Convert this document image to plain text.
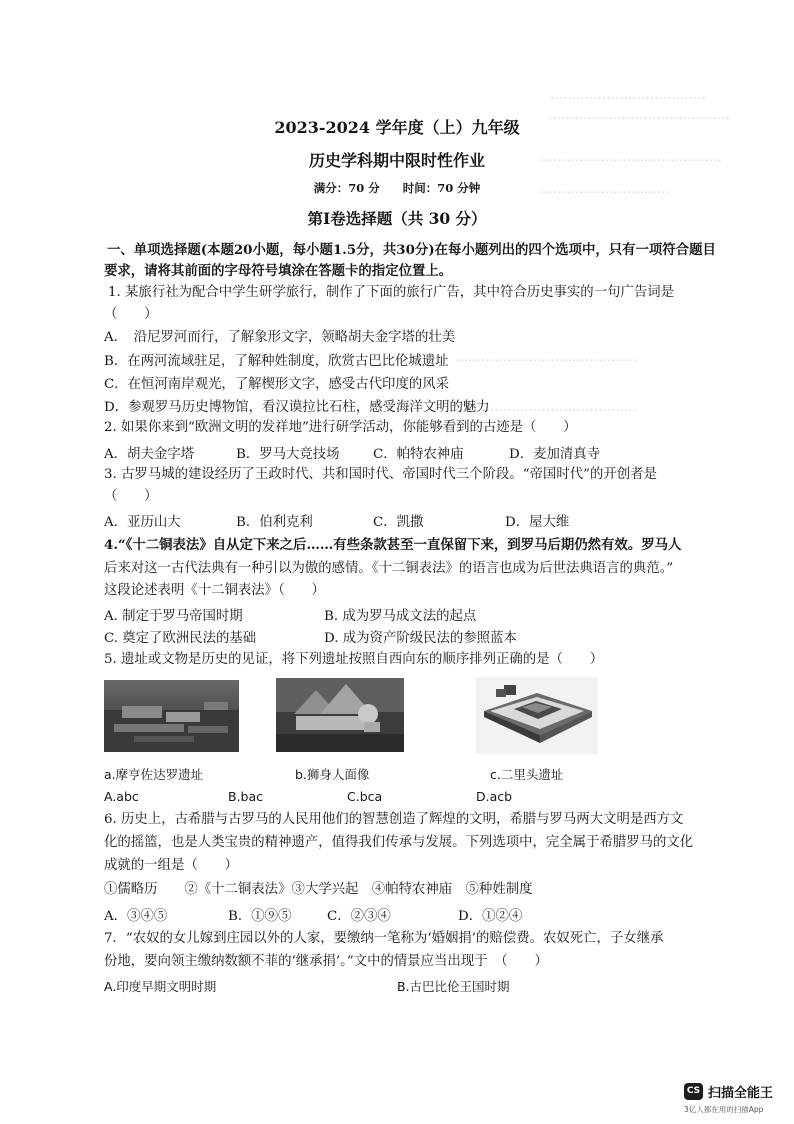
………………………………
……………………………………
……………………………………
…………………………
……………………………………
……………………………………
2023-2024 学年度（上）九年级
历史学科期中限时性作业
满分：70 分　　时间：70 分钟
第Ⅰ卷选择题（共 30 分）
一、单项选择题(本题20小题，每小题1.5分，共30分)在每小题列出的四个选项中，只有一项符合题目
要求，请将其前面的字母符号填涂在答题卡的指定位置上。
1. 某旅行社为配合中学生研学旅行，制作了下面的旅行广告，其中符合历史事实的一句广告词是
（　　）
A．　沿尼罗河而行，了解象形文字，领略胡夫金字塔的壮美
B．在两河流域驻足，了解种姓制度，欣赏古巴比伦城遗址
C．在恒河南岸观光，了解楔形文字，感受古代印度的风采
D．参观罗马历史博物馆，看汉谟拉比石柱，感受海洋文明的魅力
2. 如果你来到“欧洲文明的发祥地”进行研学活动，你能够看到的古迹是（　　）
A．胡夫金字塔	B．罗马大竞技场 C．帕特农神庙	D．麦加清真寺
3. 古罗马城的建设经历了王政时代、共和国时代、帝国时代三个阶段。“帝国时代”的开创者是
（　　）
A．亚历山大	B．伯利克利	C．凯撒	D．屋大维
4.“《十二铜表法》自从定下来之后……有些条款甚至一直保留下来，到罗马后期仍然有效。罗马人
后来对这一古代法典有一种引以为傲的感情。《十二铜表法》的语言也成为后世法典语言的典范。”
这段论述表明《十二铜表法》（　　）
A. 制定于罗马帝国时期	B. 成为罗马成文法的起点
C. 奠定了欧洲民法的基础	D. 成为资产阶级民法的参照蓝本
5. 遗址或文物是历史的见证，将下列遗址按照自西向东的顺序排列正确的是（　　）
a.摩亨佐达罗遗址	b.狮身人面像	c.二里头遗址
A.abc	B.bac	C.bca	D.acb
6. 历史上，古希腊与古罗马的人民用他们的智慧创造了辉煌的文明，希腊与罗马两大文明是西方文
化的摇篮，也是人类宝贵的精神遗产，值得我们传承与发展。下列选项中，完全属于希腊罗马的文化
成就的一组是（　　）
①儒略历　　②《十二铜表法》③大学兴起　④帕特农神庙　⑤种姓制度
A．③④⑤	B．①⑨⑤	C．②③④	D．①②④
7．“农奴的女儿嫁到庄园以外的人家，要缴纳一笔称为‘婚姻捐’的赔偿费。农奴死亡，子女继承
份地，要向领主缴纳数额不菲的‘继承捐’。”文中的情景应当出现于　（　　）
A.印度早期文明时期	B.古巴比伦王国时期
CS 扫描全能王
3亿人都在用的扫描App
